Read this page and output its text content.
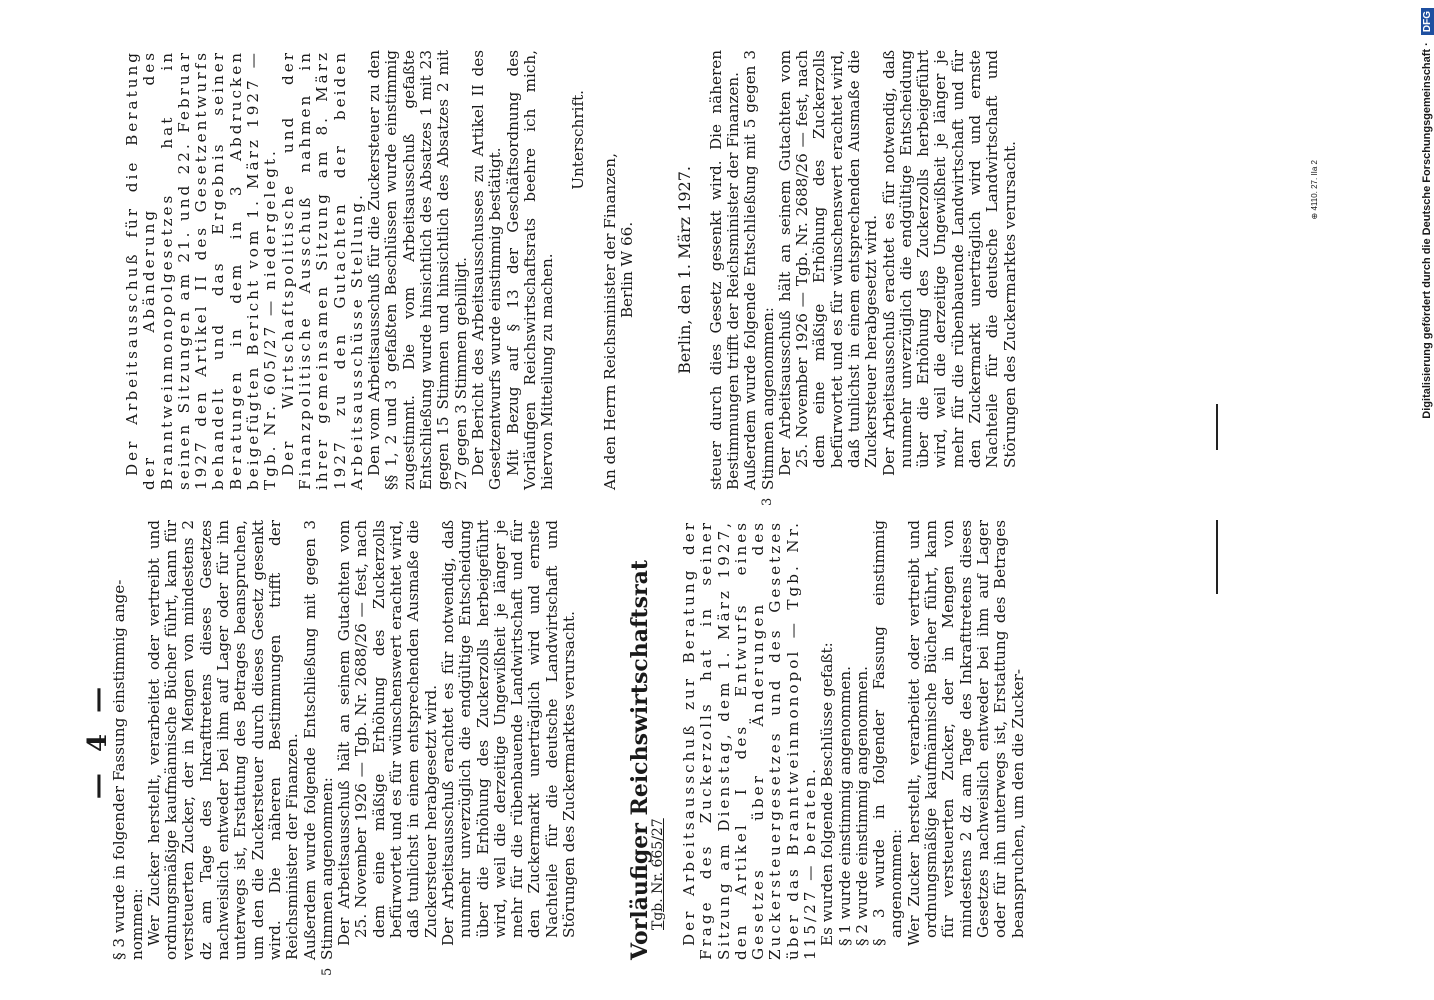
— 4 —

§ 3 wurde in folgender Fassung einstimmig ange- nommen: Wer Zucker herstellt, verarbeitet oder vertreibt und ordnungsmäßige kaufmännische Bücher führt, kann für versteuerten Zucker, der in Mengen von mindestens 2 dz am Tage des Inkrafttretens dieses Gesetzes nachweislich entweder bei ihm auf Lager oder für ihn unterwegs ist, Erstattung des Betrages beanspruchen, um den die Zuckersteuer durch dieses Gesetz gesenkt wird. Die näheren Bestimmungen trifft der Reichsminister der Finanzen.

5
Außerdem wurde folgende Entschließung mit gegen 3 Stimmen angenommen: Der Arbeitsausschuß hält an seinem Gutachten vom 25. November 1926 — Tgb. Nr. 2688/26 — fest, nach dem eine mäßige Erhöhung des Zuckerzolls befürwortet und es für wünschenswert erachtet wird, daß tunlichst in einem entsprechenden Ausmaße die Zuckersteuer herabgesetzt wird. Der Arbeitsausschuß erachtet es für notwendig, daß nunmehr unverzüglich die endgültige Entscheidung über die Erhöhung des Zuckerzolls herbeigeführt wird, weil die derzeitige Ungewißheit je länger je mehr für die rübenbauende Landwirtschaft und für den Zuckermarkt unerträglich wird und ernste Nachteile für die deutsche Landwirtschaft und Störungen des Zuckermarktes verursacht. Vorläufiger Reichswirtschaftsrat
Tgb. Nr. 665/27 Der Arbeitsausschuß zur Beratung der Frage des Zuckerzolls hat in seiner Sitzung am Dienstag, dem 1. März 1927, den Artikel I des Entwurfs eines Gesetzes über Änderungen des Zuckersteuergesetzes und des Gesetzes über das Branntweinmonopol — Tgb. Nr. 115/27 — beraten. Es wurden folgende Beschlüsse gefaßt: § 1 wurde einstimmig angenommen. § 2 wurde einstimmig angenommen. § 3 wurde in folgender Fassung einstimmig angenommen: Wer Zucker herstellt, verarbeitet oder vertreibt und ordnungsmäßige kaufmännische Bücher führt, kann für versteuerten Zucker, der in Mengen von mindestens 2 dz am Tage des Inkrafttretens dieses Gesetzes nachweislich entweder bei ihm auf Lager oder für ihn unterwegs ist, Erstattung des Betrages beanspruchen, um den die Zucker-

Der Arbeitsausschuß für die Beratung der Abänderung des Branntweinmonopolgesetzes hat in seinen Sitzungen am 21. und 22. Februar 1927 den Artikel II des Gesetzentwurfs behandelt und das Ergebnis seiner Beratungen in dem in 3 Abdrucken beigefügten Bericht vom 1. März 1927 — Tgb. Nr. 605/27 — niedergelegt. Der Wirtschaftspolitische und der Finanzpolitische Ausschuß nahmen in ihrer gemeinsamen Sitzung am 8. März 1927 zu den Gutachten der beiden Arbeitsausschüsse Stellung. Den vom Arbeitsausschuß für die Zuckersteuer zu den §§ 1, 2 und 3 gefaßten Beschlüssen wurde einstimmig zugestimmt. Die vom Arbeitsausschuß gefaßte Entschließung wurde hinsichtlich des Absatzes 1 mit 23 gegen 15 Stimmen und hinsichtlich des Absatzes 2 mit 27 gegen 3 Stimmen gebilligt. Der Bericht des Arbeitsausschusses zu Artikel II des Gesetzentwurfs wurde einstimmig bestätigt. Mit Bezug auf § 13 der Geschäftsordnung des Vorläufigen Reichswirtschaftsrats beehre ich mich, hiervon Mitteilung zu machen.

Unterschrift.

An den Herrn Reichsminister der Finanzen, Berlin W 66. Berlin, den 1. März 1927. steuer durch dies Gesetz gesenkt wird. Die näheren Bestimmungen trifft der Reichsminister der Finanzen.

3
Außerdem wurde folgende Entschließung mit 5 gegen 3 Stimmen angenommen: Der Arbeitsausschuß hält an seinem Gutachten vom 25. November 1926 — Tgb. Nr. 2688/26 — fest, nach dem eine mäßige Erhöhung des Zuckerzolls befürwortet und es für wünschenswert erachtet wird, daß tunlichst in einem entsprechenden Ausmaße die Zuckersteuer herabgesetzt wird. Der Arbeitsausschuß erachtet es für notwendig, daß nunmehr unverzüglich die endgültige Entscheidung über die Erhöhung des Zuckerzolls herbeigeführt wird, weil die derzeitige Ungewißheit je länger je mehr für die rübenbauende Landwirtschaft und für den Zuckermarkt unerträglich wird und ernste Nachteile für die deutsche Landwirtschaft und Störungen des Zuckermarktes verursacht.	⊕ 4110. 27. IIa 2	Digitalisierung gefördert durch die Deutsche Forschungsgemeinschaft · DFG
